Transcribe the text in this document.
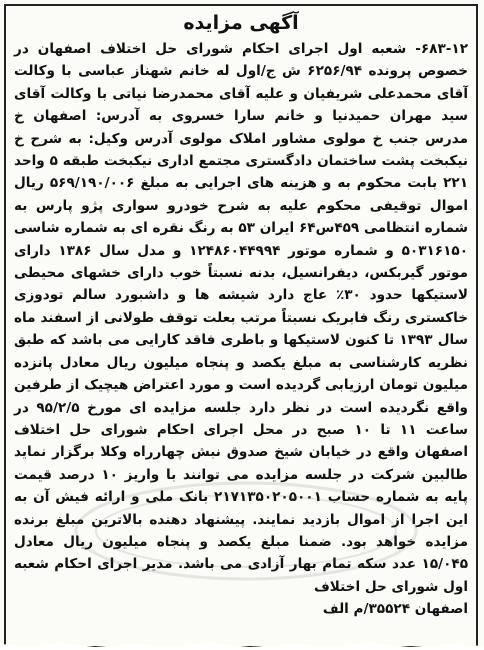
آگهی مزایده

۶۸۳-۱۲- شعبه اول اجرای احکام شورای حل اختلاف اصفهان در خصوص پرونده ۶۲۵۶/۹۴ ش ج/اول له خانم شهناز عباسی با وکالت آقای محمدعلی شریفیان و علیه آقای محمدرضا نیاتی با وکالت آقای سید مهران حمیدنیا و خانم سارا خسروی به آدرس: اصفهان خ مدرس جنب خ مولوی مشاور املاک مولوی آدرس وکیل: به شرح خ نیکبخت پشت ساختمان دادگستری مجتمع اداری نیکبخت طبقه ۵ واحد ۲۲۱ بابت محکوم به و هزینه های اجرایی به مبلغ ۵۶۹/۱۹۰/۰۰۶ ریال اموال توقیفی محکوم علیه به شرح خودرو سواری پژو پارس به شماره انتظامی ۴۵۹س۶۴ ایران ۵۳ به رنگ نقره ای به شماره شاسی ۵۰۳۱۶۱۵۰ و شماره موتور ۱۲۴۸۶۰۴۴۹۹۴ و مدل سال ۱۳۸۶ دارای موتور گیربکس، دیفرانسیل، بدنه نسبتاً خوب دارای خشهای محیطی لاستیکها حدود ۳۰٪ عاج دارد شیشه ها و داشبورد سالم تودوزی خاکستری رنگ فابریک نسبتاً مرتب بعلت توقف طولانی از اسفند ماه سال ۱۳۹۳ تا کنون لاستیکها و باطری فاقد کارایی می باشد که طبق نظریه کارشناسی به مبلغ یکصد و پنجاه میلیون ریال معادل پانزده میلیون تومان ارزیابی گردیده است و مورد اعتراض هیچیک از طرفین واقع نگردیده است در نظر دارد جلسه مزایده ای مورخ ۹۵/۲/۵ در ساعت ۱۱ تا ۱۰ صبح در محل اجرای احکام شورای حل اختلاف اصفهان واقع در خیابان شیخ صدوق نبش چهارراه وکلا برگزار نماید طالبین شرکت در جلسه مزایده می توانند با واریز ۱۰ درصد قیمت پایه به شماره حساب ۲۱۷۱۳۵۰۲۰۵۰۰۱ بانک ملی و ارائه فیش آن به این اجرا از اموال بازدید نمایند. پیشنهاد دهنده بالاترین مبلغ برنده مزایده خواهد بود. ضمنا مبلغ یکصد و پنجاه میلیون ریال معادل ۱۵/۰۴۵ عدد سکه تمام بهار آزادی می باشد. مدیر اجرای احکام شعبه اول شورای حل اختلاف

اصفهان ۳۵۵۲۴/م الف
